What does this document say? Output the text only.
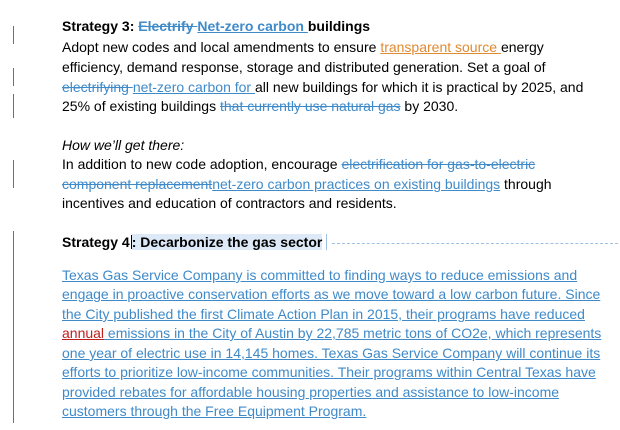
Strategy 3: Electrify Net-zero carbon buildings
Adopt new codes and local amendments to ensure transparent source energy
efficiency, demand response, storage and distributed generation. Set a goal of
electrifying net-zero carbon for all new buildings for which it is practical by 2025, and
25% of existing buildings that currently use natural gas by 2030.
How we’ll get there:
In addition to new code adoption, encourage electrification for gas-to-electric
component replacementnet-zero carbon practices on existing buildings through
incentives and education of contractors and residents.
Strategy 4 : Decarbonize the gas sector
Texas Gas Service Company is committed to finding ways to reduce emissions and
engage in proactive conservation efforts as we move toward a low carbon future. Since
the City published the first Climate Action Plan in 2015, their programs have reduced
annual emissions in the City of Austin by 22,785 metric tons of CO2e, which represents
one year of electric use in 14,145 homes. Texas Gas Service Company will continue its
efforts to prioritize low-income communities. Their programs within Central Texas have
provided rebates for affordable housing properties and assistance to low-income
customers through the Free Equipment Program.
